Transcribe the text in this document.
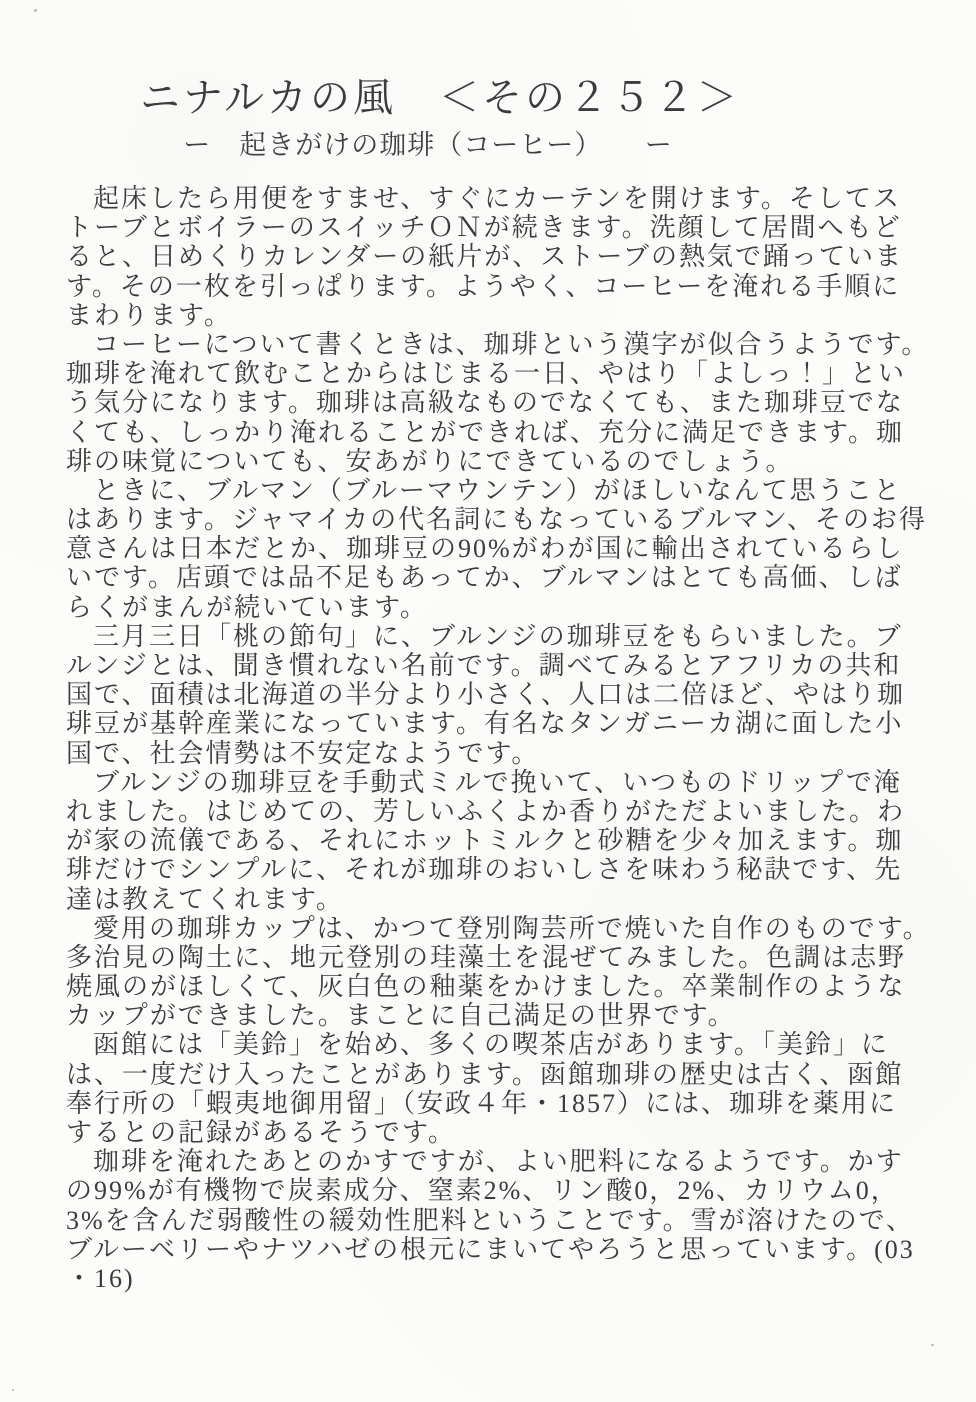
ニナルカの風　＜その２５２＞
ー　起きがけの珈琲（コーヒー）　　ー
起床したら用便をすませ、すぐにカーテンを開けます。そしてス
トーブとボイラーのスイッチＯＮが続きます。洗顔して居間へもど
ると、日めくりカレンダーの紙片が、ストーブの熱気で踊っていま
す。その一枚を引っぱります。ようやく、コーヒーを淹れる手順に
まわります。
コーヒーについて書くときは、珈琲という漢字が似合うようです。
珈琲を淹れて飲むことからはじまる一日、やはり「よしっ！」とい
う気分になります。珈琲は高級なものでなくても、また珈琲豆でな
くても、しっかり淹れることができれば、充分に満足できます。珈
琲の味覚についても、安あがりにできているのでしょう。
ときに、ブルマン（ブルーマウンテン）がほしいなんて思うこと
はあります。ジャマイカの代名詞にもなっているブルマン、そのお得
意さんは日本だとか、珈琲豆の90%がわが国に輸出されているらし
いです。店頭では品不足もあってか、ブルマンはとても高価、しば
らくがまんが続いています。
三月三日「桃の節句」に、ブルンジの珈琲豆をもらいました。ブ
ルンジとは、聞き慣れない名前です。調べてみるとアフリカの共和
国で、面積は北海道の半分より小さく、人口は二倍ほど、やはり珈
琲豆が基幹産業になっています。有名なタンガニーカ湖に面した小
国で、社会情勢は不安定なようです。
ブルンジの珈琲豆を手動式ミルで挽いて、いつものドリップで淹
れました。はじめての、芳しいふくよか香りがただよいました。わ
が家の流儀である、それにホットミルクと砂糖を少々加えます。珈
琲だけでシンプルに、それが珈琲のおいしさを味わう秘訣です、先
達は教えてくれます。
愛用の珈琲カップは、かつて登別陶芸所で焼いた自作のものです。
多治見の陶土に、地元登別の珪藻土を混ぜてみました。色調は志野
焼風のがほしくて、灰白色の釉薬をかけました。卒業制作のような
カップができました。まことに自己満足の世界です。
函館には「美鈴」を始め、多くの喫茶店があります。「美鈴」に
は、一度だけ入ったことがあります。函館珈琲の歴史は古く、函館
奉行所の「蝦夷地御用留」（安政４年・1857）には、珈琲を薬用に
するとの記録があるそうです。
珈琲を淹れたあとのかすですが、よい肥料になるようです。かす
の99%が有機物で炭素成分、窒素2%、リン酸0，2%、カリウム0，
3%を含んだ弱酸性の緩効性肥料ということです。雪が溶けたので、
ブルーベリーやナツハゼの根元にまいてやろうと思っています。(03
・16)
